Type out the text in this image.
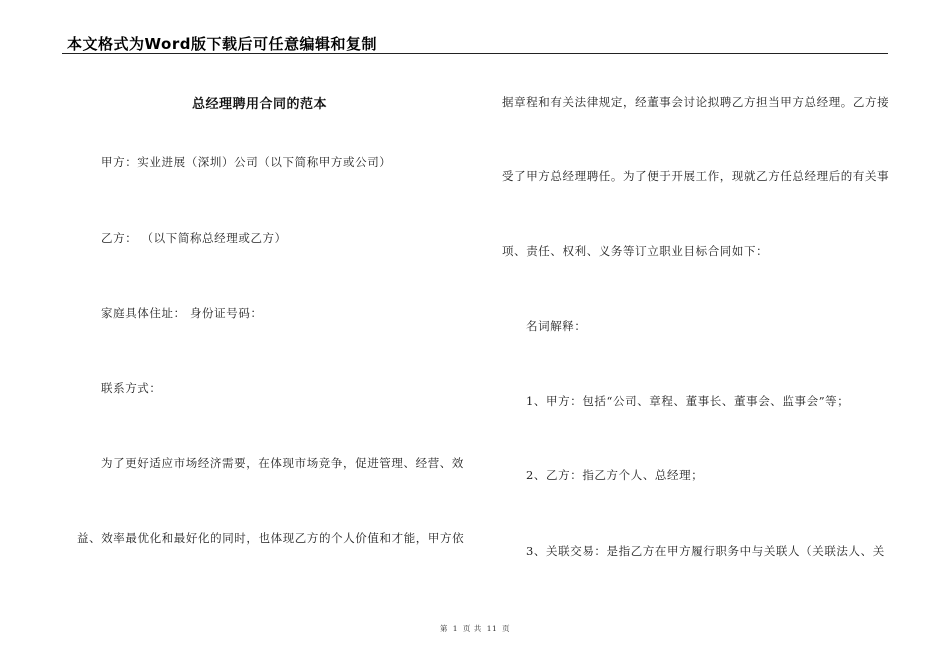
本文格式为Word版下载后可任意编辑和复制
总经理聘用合同的范本
甲方：实业进展（深圳）公司（以下简称甲方或公司）
乙方： （以下简称总经理或乙方）
家庭具体住址： 身份证号码：
联系方式：
为了更好适应市场经济需要，在体现市场竞争，促进管理、经营、效
益、效率最优化和最好化的同时，也体现乙方的个人价值和才能，甲方依
据章程和有关法律规定，经董事会讨论拟聘乙方担当甲方总经理。乙方接
受了甲方总经理聘任。为了便于开展工作，现就乙方任总经理后的有关事
项、责任、权利、义务等订立职业目标合同如下：
名词解释：
1、甲方：包括“公司、章程、董事长、董事会、监事会”等；
2、乙方：指乙方个人、总经理；
3、关联交易：是指乙方在甲方履行职务中与关联人（关联法人、关
第 1 页 共 11 页
